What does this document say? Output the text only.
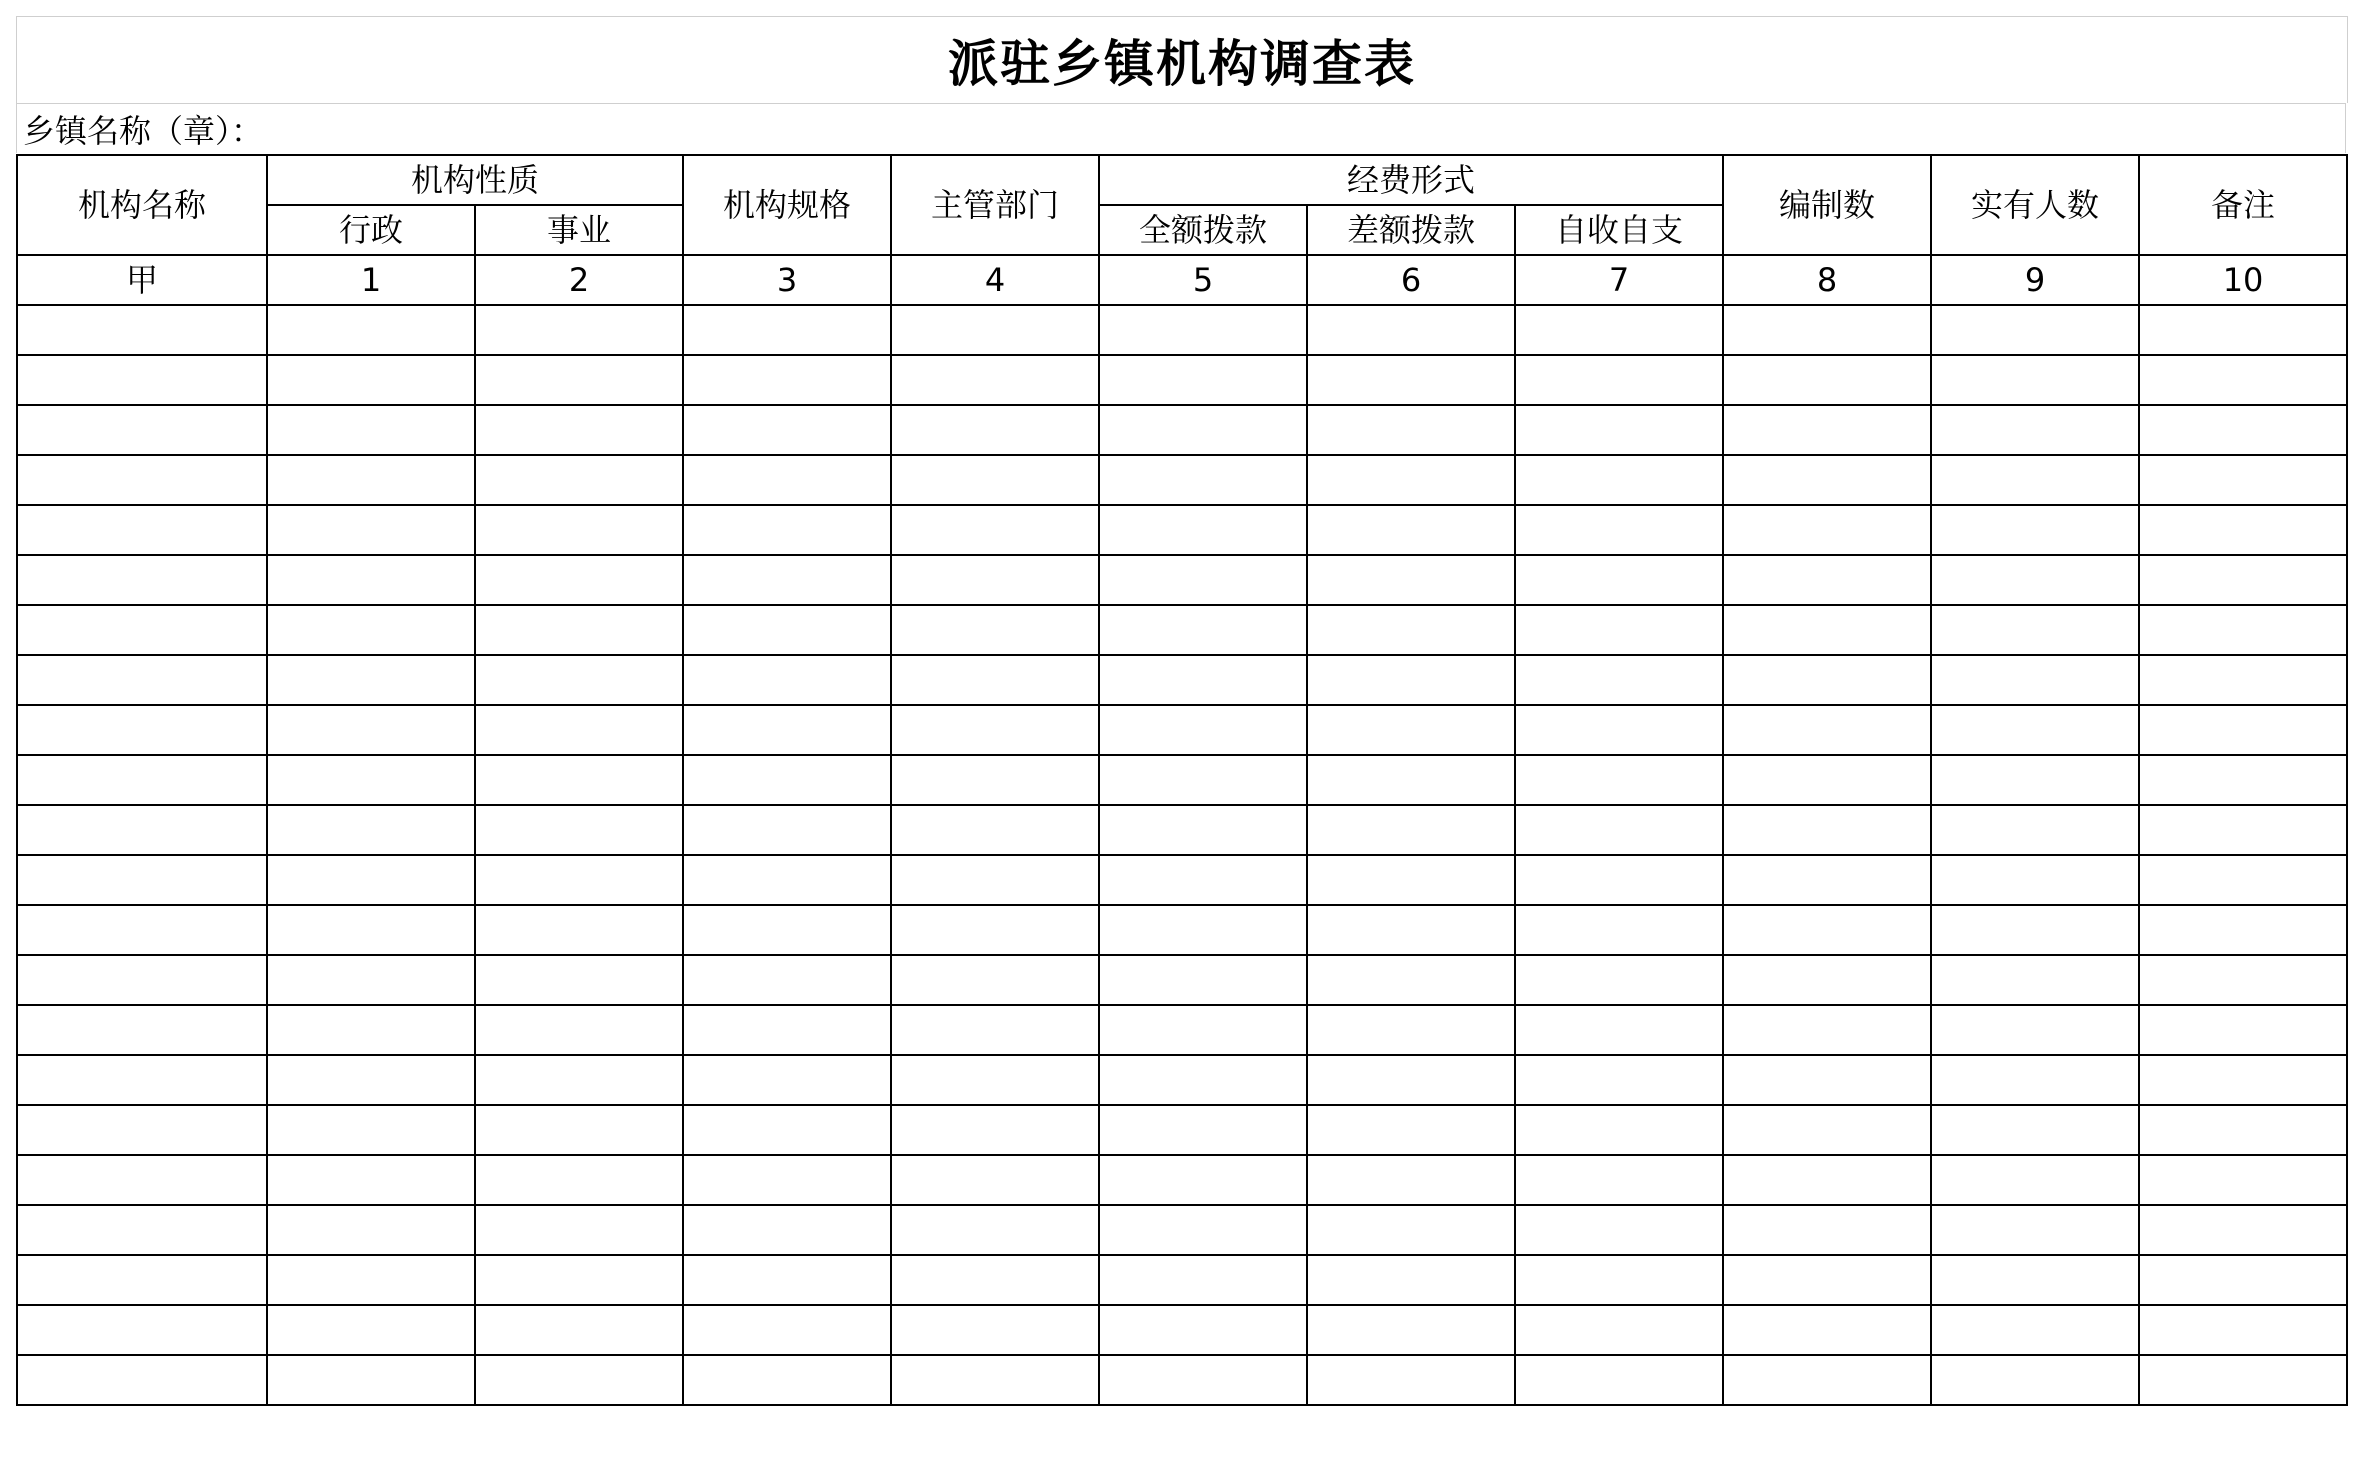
派驻乡镇机构调查表
乡镇名称（章）：
机构名称	机构性质		机构规格	主管部门	经费形式			编制数	实有人数	备注
	行政	事业			全额拨款	差额拨款	自收自支			
甲	1	2	3	4	5	6	7	8	9	10
